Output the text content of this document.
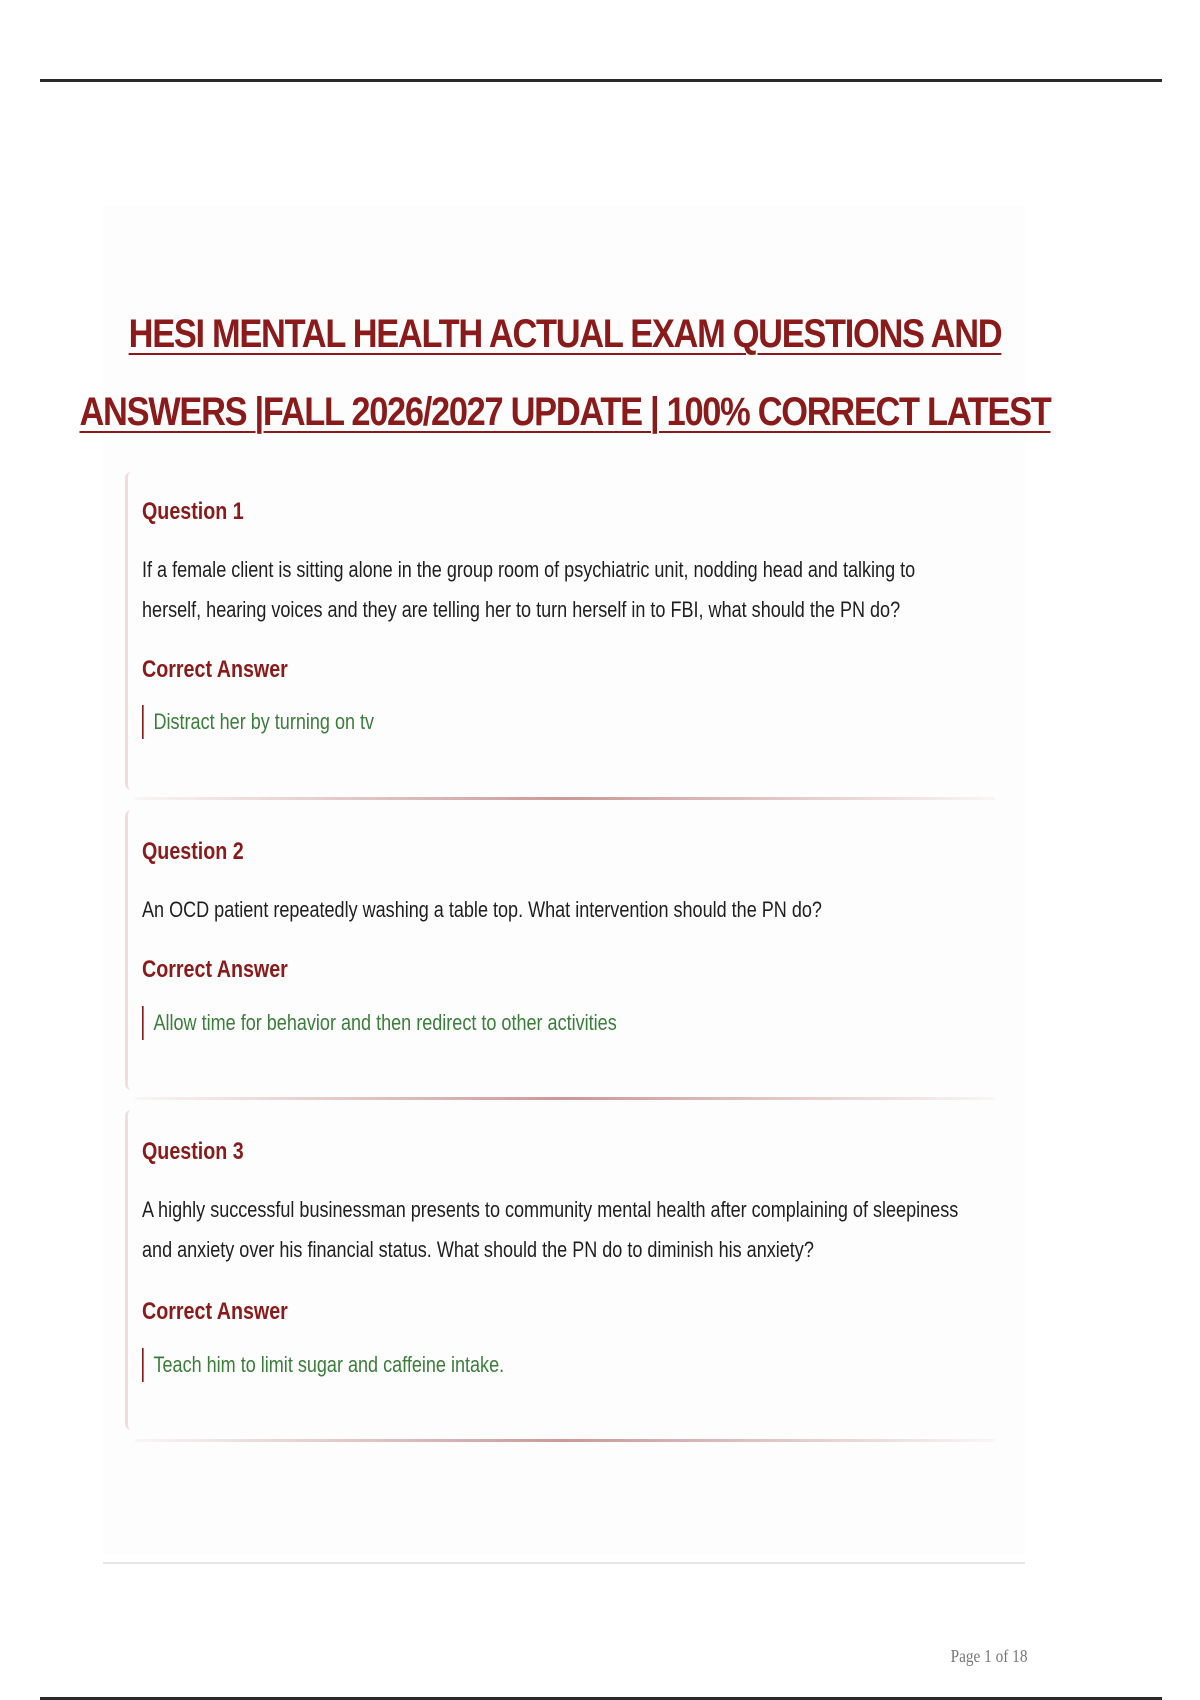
HESI MENTAL HEALTH ACTUAL EXAM QUESTIONS AND
ANSWERS |FALL 2026/2027 UPDATE | 100% CORRECT LATEST
Question 1
If a female client is sitting alone in the group room of psychiatric unit, nodding head and talking to herself, hearing voices and they are telling her to turn herself in to FBI, what should the PN do?
Correct Answer
Distract her by turning on tv
Question 2
An OCD patient repeatedly washing a table top. What intervention should the PN do?
Correct Answer
Allow time for behavior and then redirect to other activities
Question 3
A highly successful businessman presents to community mental health after complaining of sleepiness and anxiety over his financial status. What should the PN do to diminish his anxiety?
Correct Answer
Teach him to limit sugar and caffeine intake.
Page 1 of 18
